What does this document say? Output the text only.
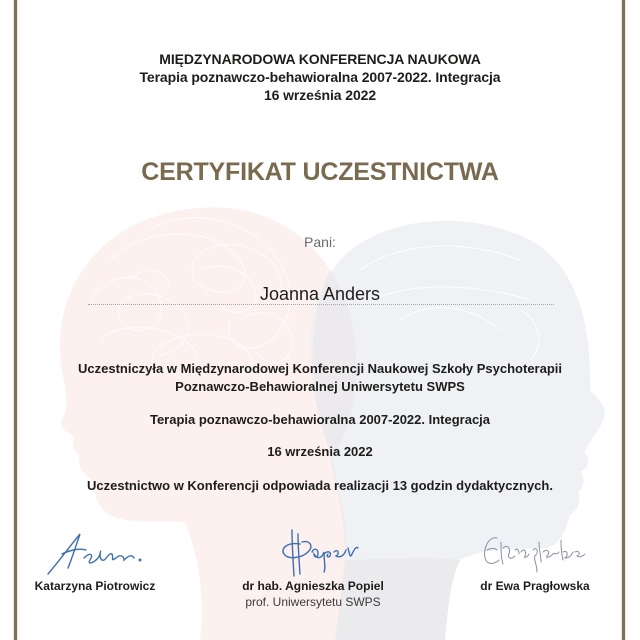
MIĘDZYNARODOWA KONFERENCJA NAUKOWA
Terapia poznawczo-behawioralna 2007-2022. Integracja
16 września 2022
CERTYFIKAT UCZESTNICTWA
Pani:
Joanna Anders
Uczestniczyła w Międzynarodowej Konferencji Naukowej Szkoły Psychoterapii
Poznawczo-Behawioralnej Uniwersytetu SWPS
Terapia poznawczo-behawioralna 2007-2022. Integracja
16 września 2022
Uczestnictwo w Konferencji odpowiada realizacji 13 godzin dydaktycznych.
Katarzyna Piotrowicz	dr hab. Agnieszka Popiel
prof. Uniwersytetu SWPS
dr Ewa Pragłowska
